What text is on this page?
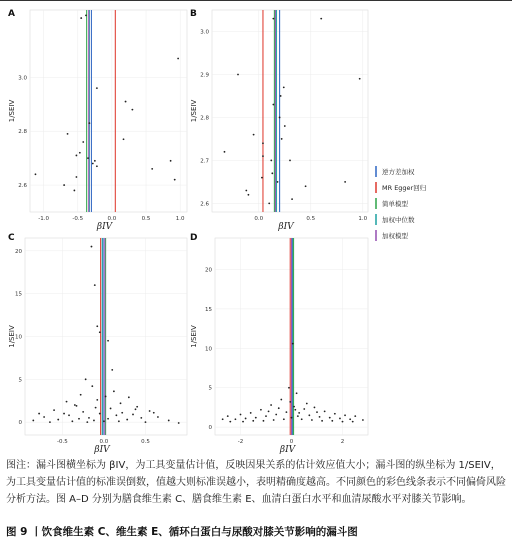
-1.0	-0.5	0.0	0.5	1.0
2.6
2.8
3.0
A
1/SEIV
βIV
0.0	0.5	1.0
2.6
2.7
2.8
2.9
3.0
B
1/SEIV
βIV
-0.5	0.0	0.5
0
5
10
15
20
C
1/SEIV
βIV
-2	0	2
0
5
10
15
20
D
1/SEIV
βIV
逆方差加权
MR Egger回归
简单模型
加权中位数
加权模型
图注：漏斗图横坐标为 βIV，为工具变量估计值，反映因果关系的估计效应值大小；漏斗图的纵坐标为 1/SEIV，为工具变量估计值的标准误倒数，值越大则标准误越小，表明精确度越高。不同颜色的彩色线条表示不同偏倚风险分析方法。图 A–D 分别为膳食维生素 C、膳食维生素 E、血清白蛋白水平和血清尿酸水平对膝关节影响。
图 9 丨饮食维生素 C、维生素 E、循环白蛋白与尿酸对膝关节影响的漏斗图
